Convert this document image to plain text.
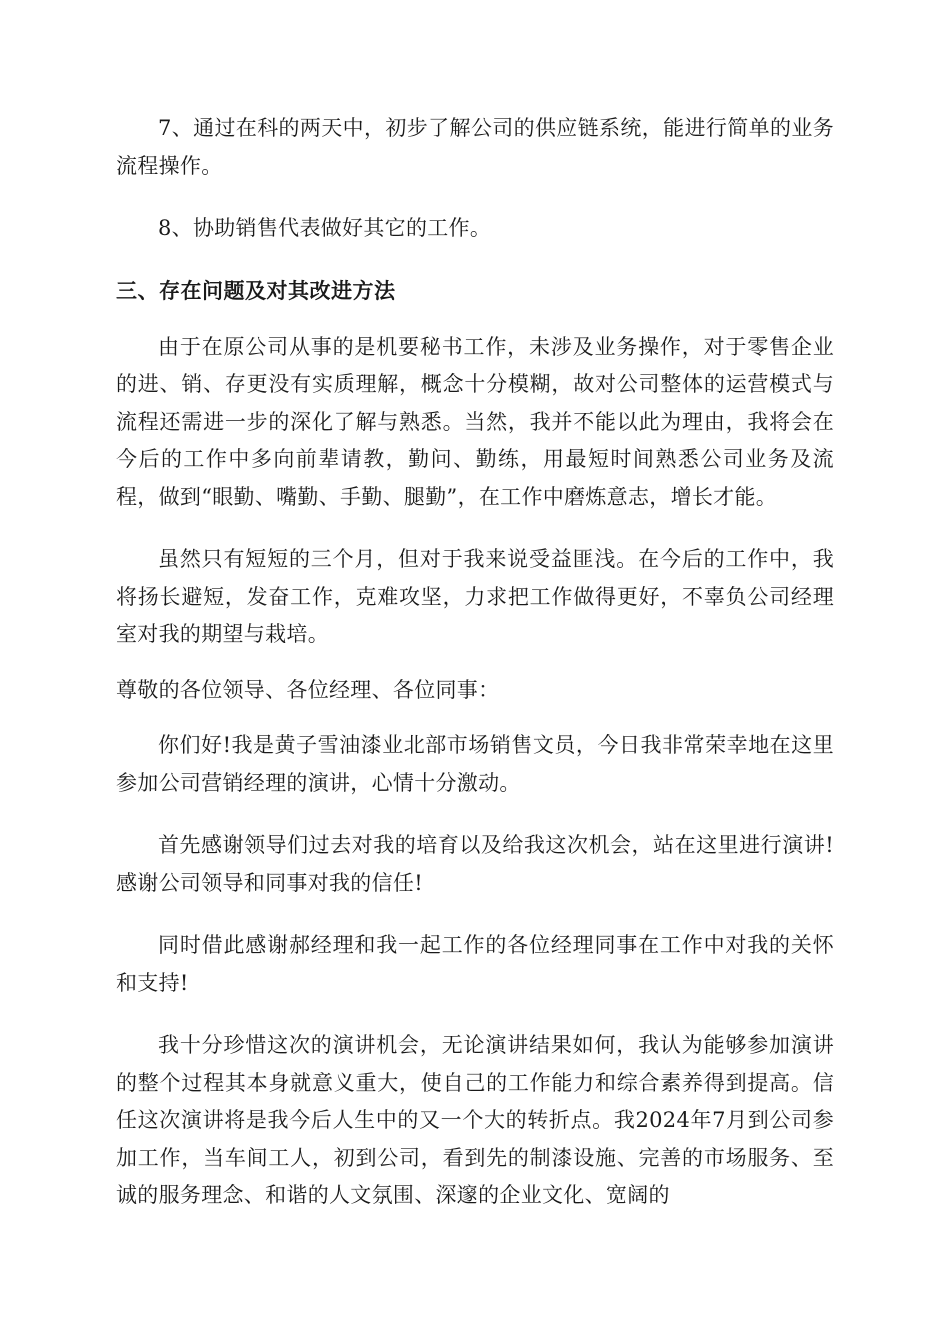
7、通过在科的两天中，初步了解公司的供应链系统，能进行简单的业务流程操作。

8、协助销售代表做好其它的工作。

三、存在问题及对其改进方法

由于在原公司从事的是机要秘书工作，未涉及业务操作，对于零售企业的进、销、存更没有实质理解，概念十分模糊，故对公司整体的运营模式与流程还需进一步的深化了解与熟悉。当然，我并不能以此为理由，我将会在今后的工作中多向前辈请教，勤问、勤练，用最短时间熟悉公司业务及流程，做到“眼勤、嘴勤、手勤、腿勤”，在工作中磨炼意志，增长才能。

虽然只有短短的三个月，但对于我来说受益匪浅。在今后的工作中，我将扬长避短，发奋工作，克难攻坚，力求把工作做得更好，不辜负公司经理室对我的期望与栽培。

尊敬的各位领导、各位经理、各位同事：

你们好!我是黄子雪油漆业北部市场销售文员，今日我非常荣幸地在这里参加公司营销经理的演讲，心情十分激动。

首先感谢领导们过去对我的培育以及给我这次机会，站在这里进行演讲!感谢公司领导和同事对我的信任!

同时借此感谢郝经理和我一起工作的各位经理同事在工作中对我的关怀和支持!

我十分珍惜这次的演讲机会，无论演讲结果如何，我认为能够参加演讲的整个过程其本身就意义重大，使自己的工作能力和综合素养得到提高。信任这次演讲将是我今后人生中的又一个大的转折点。我2024年7月到公司参加工作，当车间工人，初到公司，看到先的制漆设施、完善的市场服务、至诚的服务理念、和谐的人文氛围、深邃的企业文化、宽阔的
